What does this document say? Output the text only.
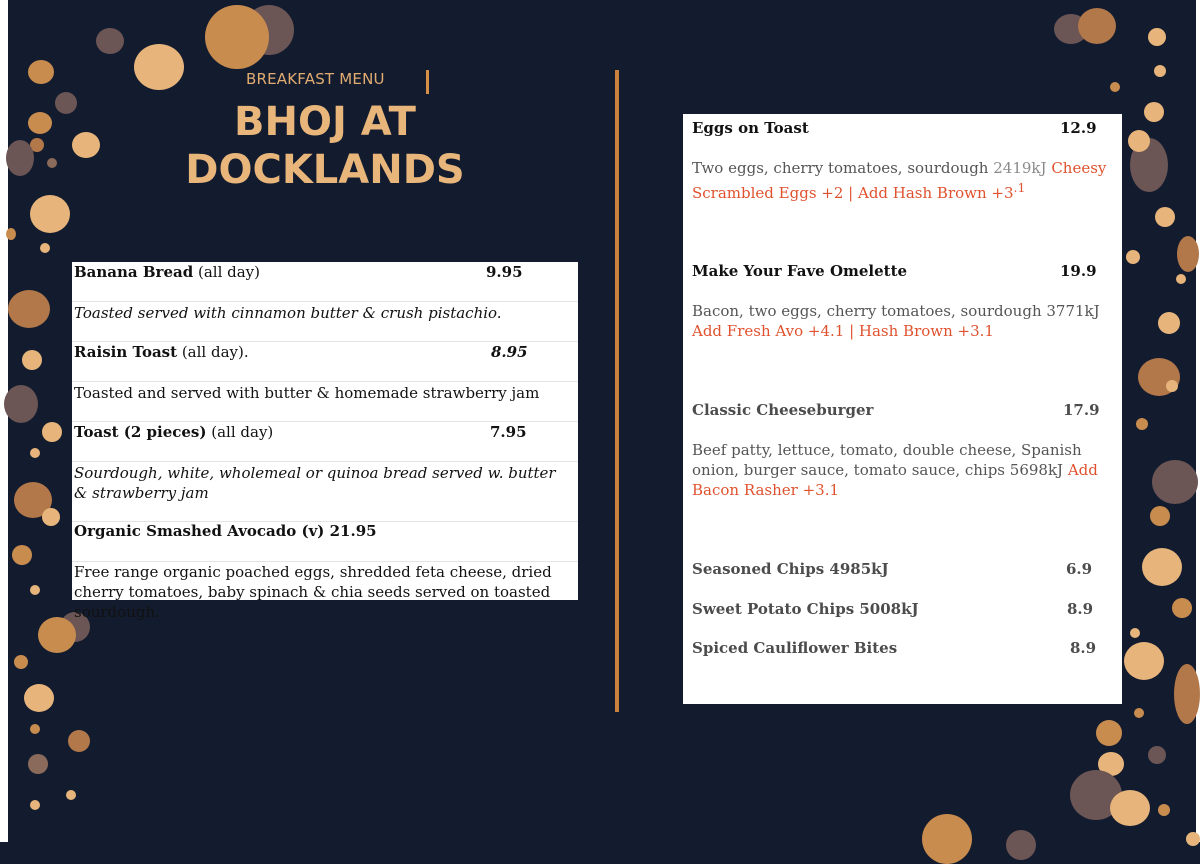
BREAKFAST MENU
BHOJ AT
DOCKLANDS
Banana Bread (all day)	9.95
Toasted served with cinnamon butter & crush pistachio.
Raisin Toast (all day).	8.95
Toasted and served with butter & homemade strawberry jam
Toast (2 pieces) (all day)	7.95
Sourdough, white, wholemeal or quinoa bread served w. butter & strawberry jam
Organic Smashed Avocado (v) 21.95
Free range organic poached eggs, shredded feta cheese, dried cherry tomatoes, baby spinach & chia seeds served on toasted sourdough.
Eggs on Toast	12.9
Two eggs, cherry tomatoes, sourdough 2419kJ Cheesy Scrambled Eggs +2 | Add Hash Brown $+3^{.1}$
Make Your Fave Omelette	19.9
Bacon, two eggs, cherry tomatoes, sourdough 3771kJ Add Fresh Avo +4.1 | Hash Brown +3.1
Classic Cheeseburger	17.9
Beef patty, lettuce, tomato, double cheese, Spanish onion, burger sauce, tomato sauce, chips 5698kJ Add Bacon Rasher +3.1
Seasoned Chips 4985kJ	6.9
Sweet Potato Chips 5008kJ	8.9
Spiced Cauliflower Bites	8.9
